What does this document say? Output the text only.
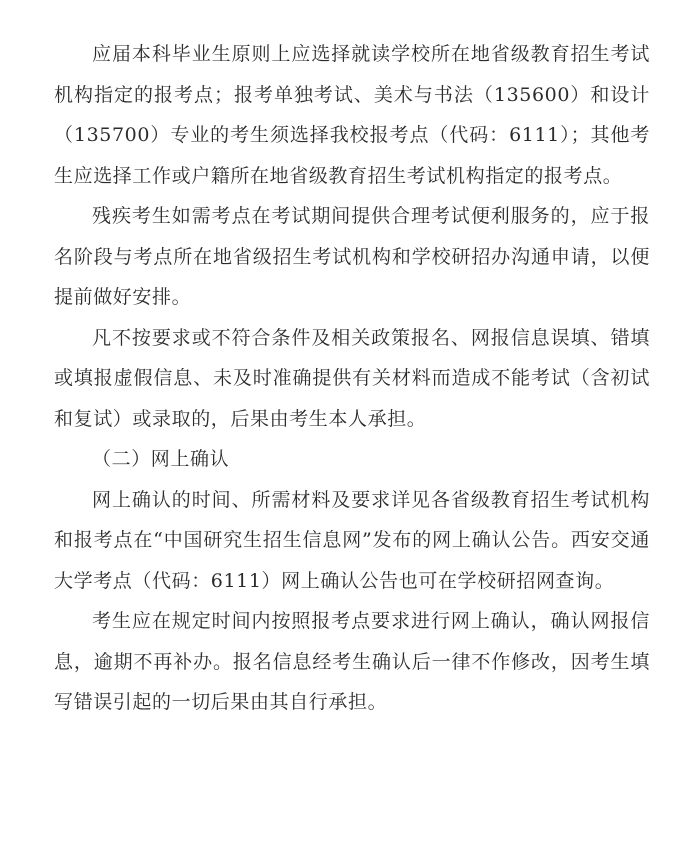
应届本科毕业生原则上应选择就读学校所在地省级教育招生考试机构指定的报考点；报考单独考试、美术与书法（135600）和设计（135700）专业的考生须选择我校报考点（代码：6111）；其他考生应选择工作或户籍所在地省级教育招生考试机构指定的报考点。

残疾考生如需考点在考试期间提供合理考试便利服务的，应于报名阶段与考点所在地省级招生考试机构和学校研招办沟通申请，以便提前做好安排。

凡不按要求或不符合条件及相关政策报名、网报信息误填、错填或填报虚假信息、未及时准确提供有关材料而造成不能考试（含初试和复试）或录取的，后果由考生本人承担。

（二）网上确认

网上确认的时间、所需材料及要求详见各省级教育招生考试机构和报考点在“中国研究生招生信息网”发布的网上确认公告。西安交通大学考点（代码：6111）网上确认公告也可在学校研招网查询。

考生应在规定时间内按照报考点要求进行网上确认，确认网报信息，逾期不再补办。报名信息经考生确认后一律不作修改，因考生填写错误引起的一切后果由其自行承担。
